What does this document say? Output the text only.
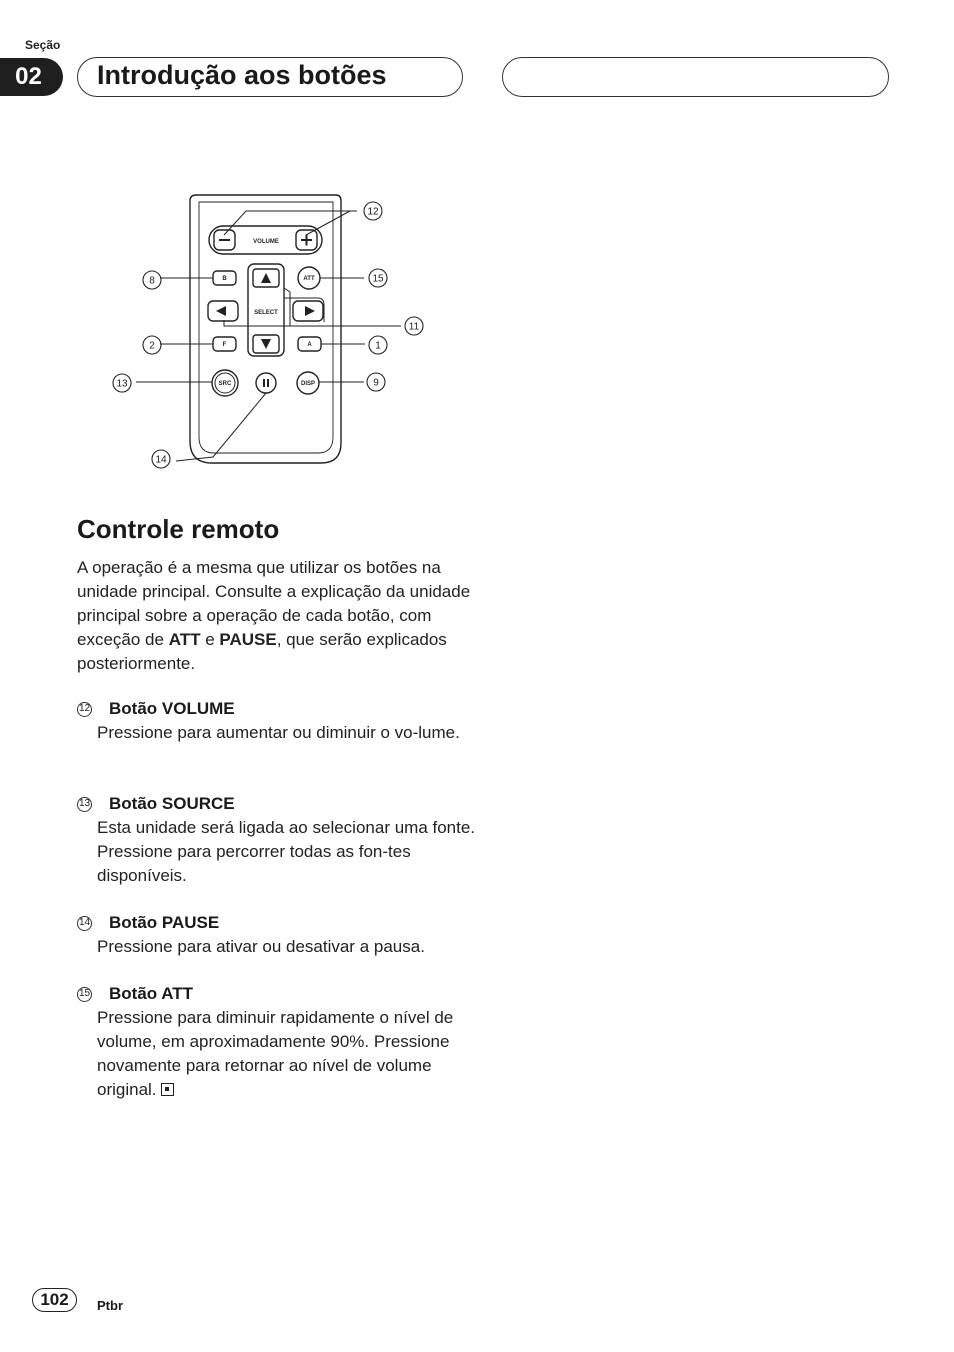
Seção
02	Introdução aos botões
VOLUME
SELECT
B
F
ATT
A
SRC	DISP
12
8	15
11
2	1
13	9
14
Controle remoto

A operação é a mesma que utilizar os botões na unidade principal. Consulte a explicação da unidade principal sobre a operação de cada botão, com exceção de ATT e PAUSE, que serão explicados posteriormente.

12 Botão VOLUME
Pressione para aumentar ou diminuir o vo-lume.
13 Botão SOURCE
Esta unidade será ligada ao selecionar uma fonte. Pressione para percorrer todas as fon-tes disponíveis.
14 Botão PAUSE
Pressione para ativar ou desativar a pausa.
15 Botão ATT
Pressione para diminuir rapidamente o nível de volume, em aproximadamente 90%. Pressione novamente para retornar ao nível de volume original.
102	Ptbr
